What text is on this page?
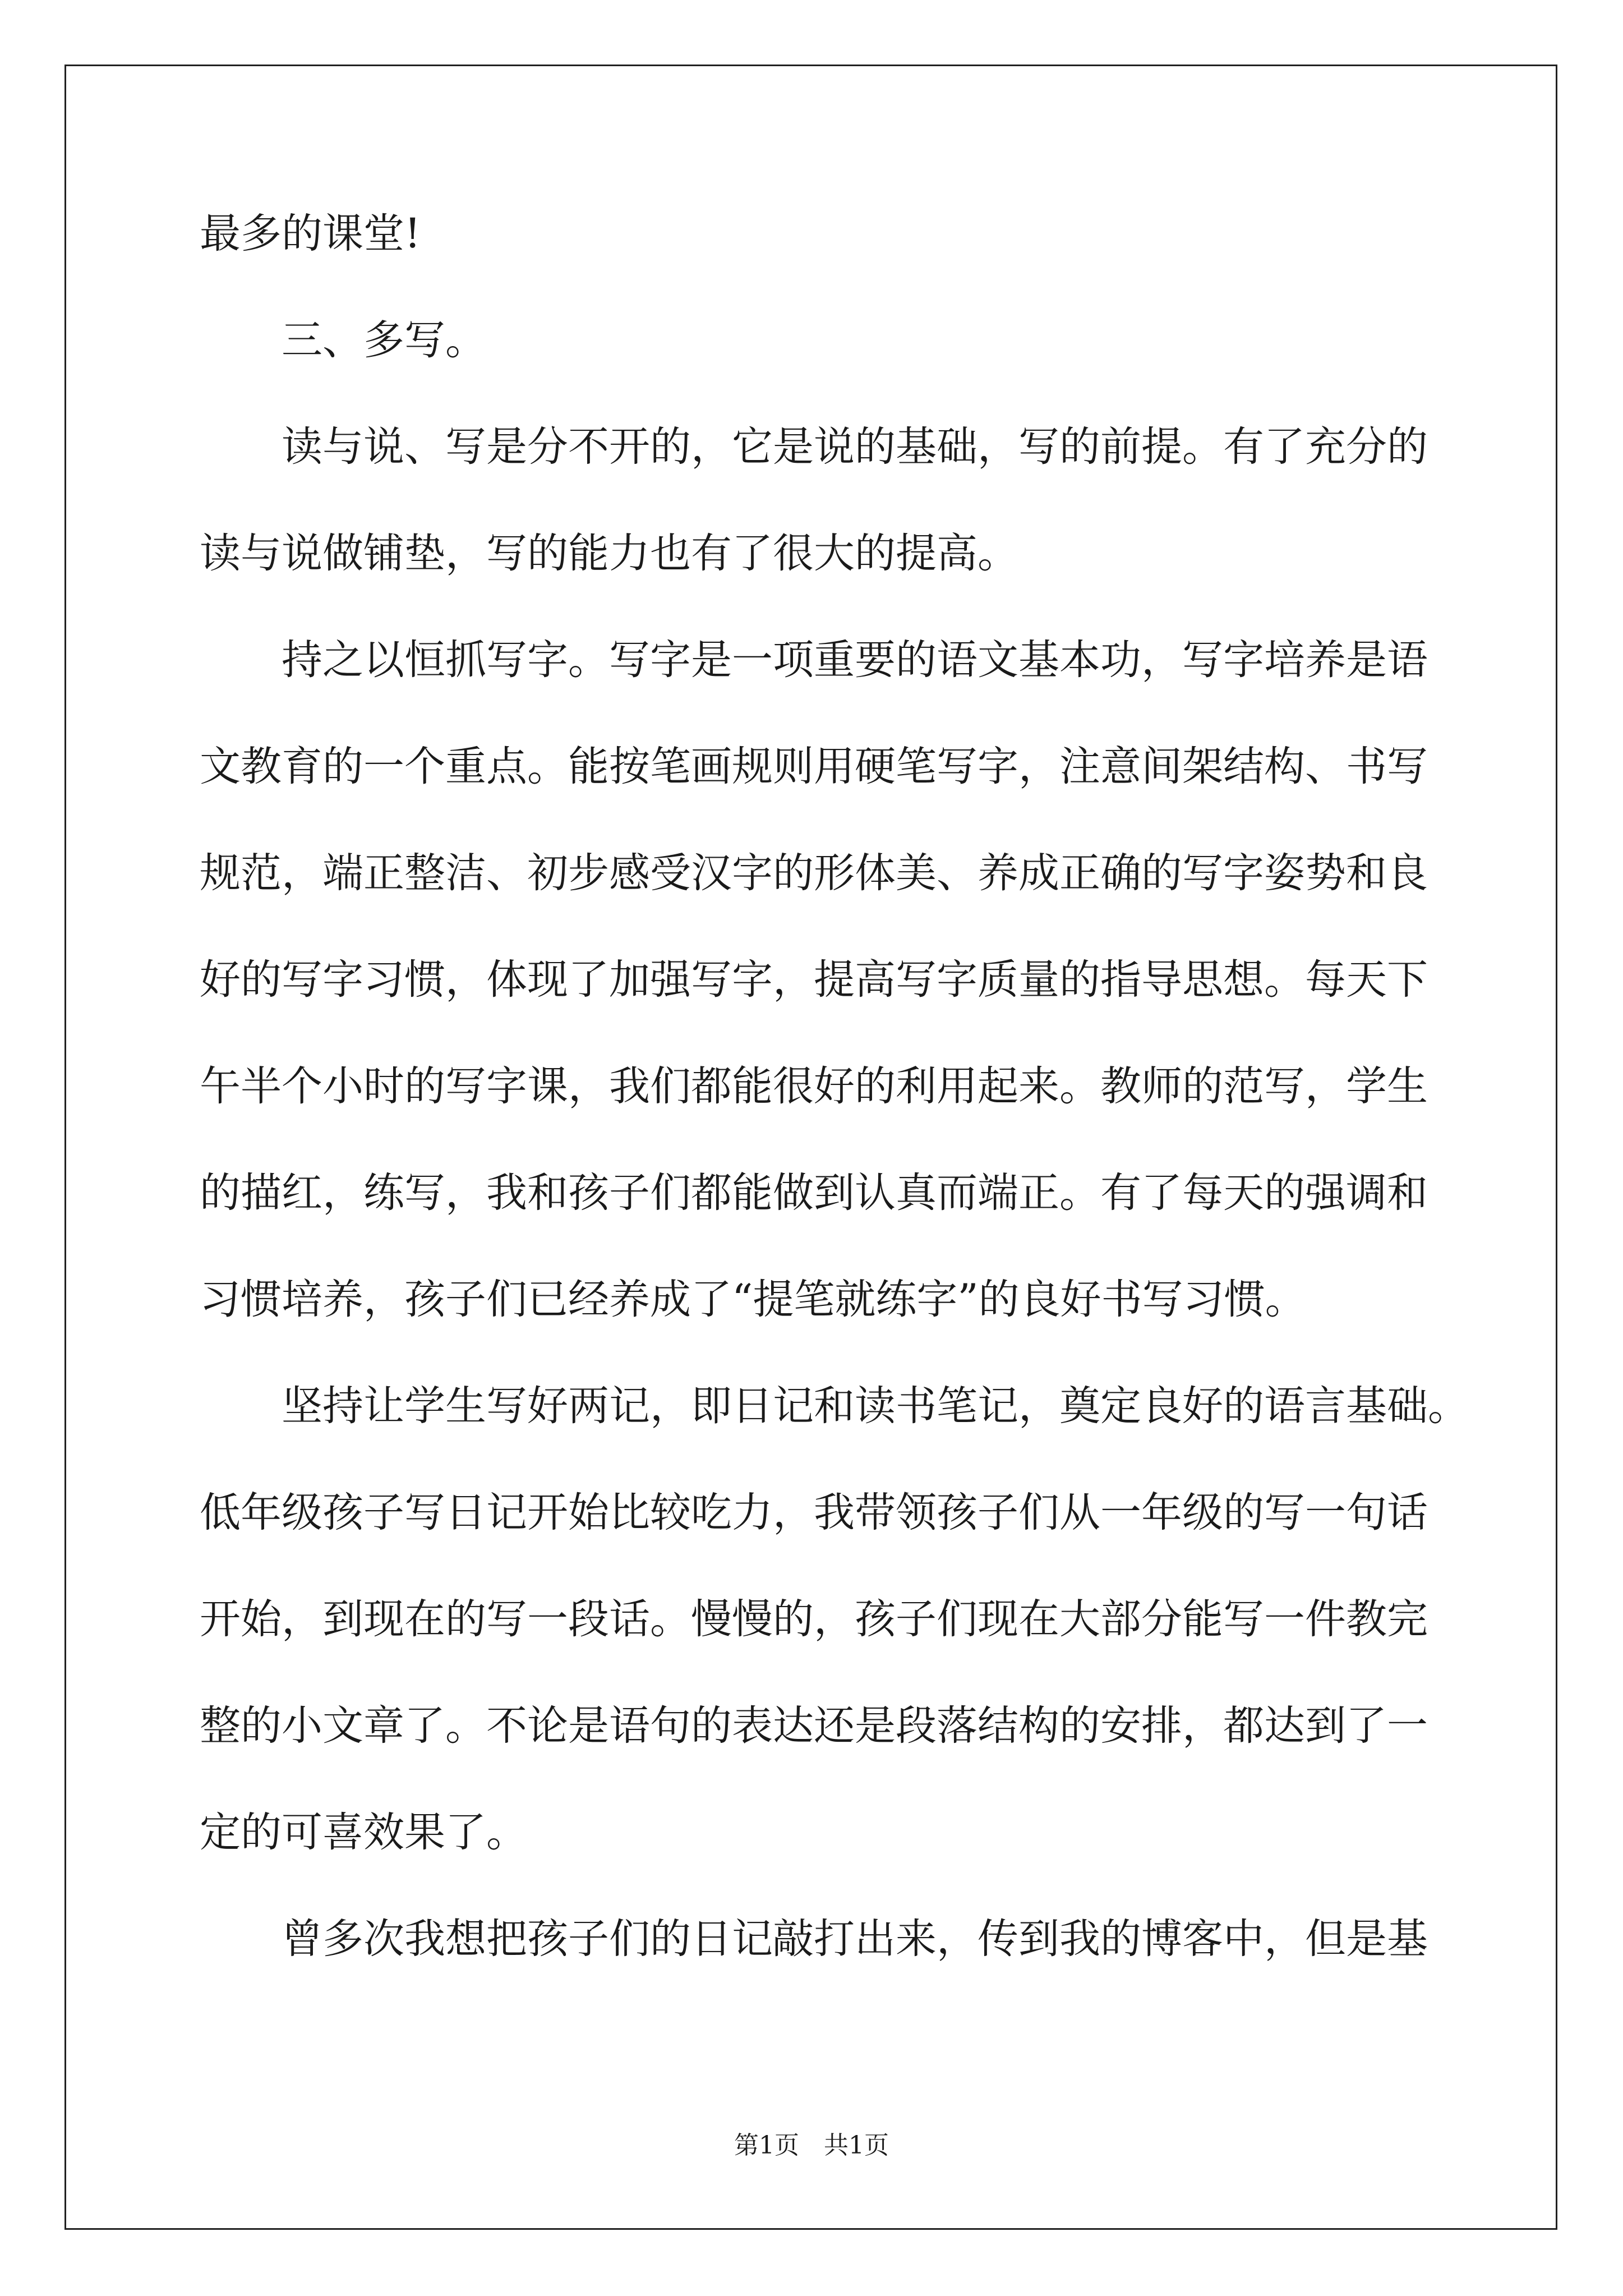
最多的课堂!
　　三、多写。
　　读与说、写是分不开的，它是说的基础，写的前提。有了充分的
读与说做铺垫，写的能力也有了很大的提高。
　　持之以恒抓写字。写字是一项重要的语文基本功，写字培养是语
文教育的一个重点。能按笔画规则用硬笔写字，注意间架结构、书写
规范，端正整洁、初步感受汉字的形体美、养成正确的写字姿势和良
好的写字习惯，体现了加强写字，提高写字质量的指导思想。每天下
午半个小时的写字课，我们都能很好的利用起来。教师的范写，学生
的描红，练写，我和孩子们都能做到认真而端正。有了每天的强调和
习惯培养，孩子们已经养成了“提笔就练字”的良好书写习惯。
　　坚持让学生写好两记，即日记和读书笔记，奠定良好的语言基础。
低年级孩子写日记开始比较吃力，我带领孩子们从一年级的写一句话
开始，到现在的写一段话。慢慢的，孩子们现在大部分能写一件教完
整的小文章了。不论是语句的表达还是段落结构的安排，都达到了一
定的可喜效果了。
　　曾多次我想把孩子们的日记敲打出来，传到我的博客中，但是基
第1页　共1页
